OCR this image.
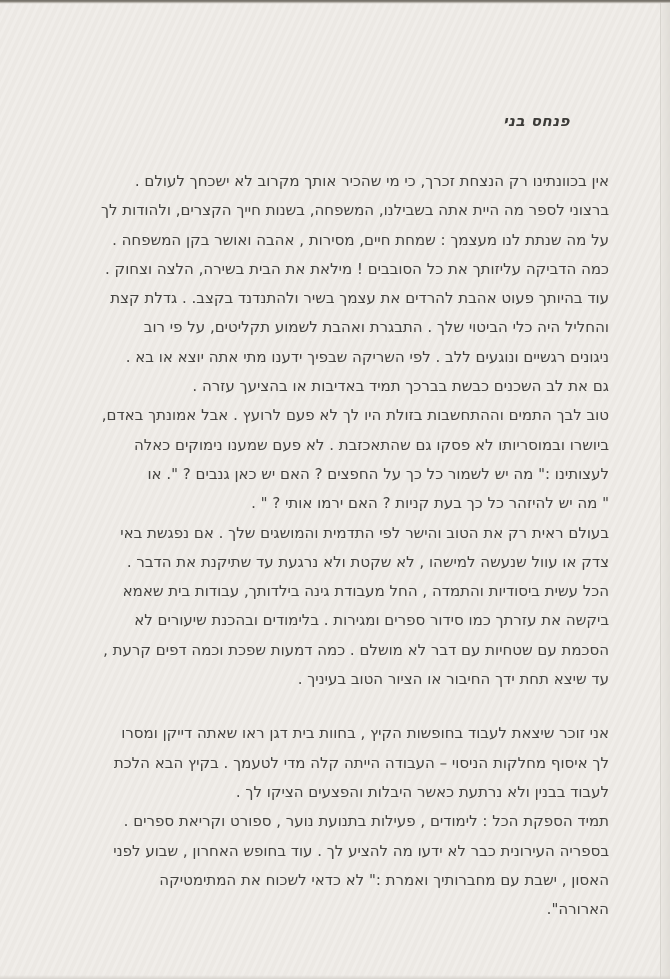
פנחס בני
אין בכוונתינו רק הנצחת זכרך, כי מי שהכיר אותך מקרוב לא ישכחך לעולם .
ברצוני לספר מה היית אתה בשבילנו, המשפחה, בשנות חייך הקצרים, ולהודות לך
על מה שנתת לנו מעצמך : שמחת חיים, מסירות , אהבה ואושר בקן המשפחה .
כמה הדביקה עליזותך את כל הסובבים ! מילאת את הבית בשירה, הלצה וצחוק .
עוד בהיותך פעוט אהבת להרדים את עצמך בשיר ולהתנדנד בקצב. . גדלת קצת
והחליל היה כלי הביטוי שלך . התבגרת ואהבת לשמוע תקליטים, על פי רוב
ניגונים רגשיים ונוגעים ללב . לפי השריקה שבפיך ידענו מתי אתה יוצא או בא .
גם את לב השכנים כבשת בברכך תמיד באדיבות או בהציעך עזרה .
טוב לבך התמים וההתחשבות בזולת היו לך לא פעם לרועץ . אבל אמונתך באדם,
ביושרו ובמוסריותו לא פסקו גם שהתאכזבת . לא פעם שמענו נימוקים כאלה
לעצותינו :" מה יש לשמור כל כך על החפצים ? האם יש כאן גנבים ? ". או
" מה יש להיזהר כל כך בעת קניות ? האם ירמו אותי ? " .
בעולם ראית רק את הטוב והישר לפי התדמית והמושגים שלך . אם נפגשת באי
צדק או עוול שנעשה למישהו , לא שקטת ולא נרגעת עד שתיקנת את הדבר .
הכל עשית ביסודיות והתמדה , החל מעבודת גינה בילדותך, עבודות בית שאמא
ביקשה את עזרתך כמו סידור ספרים ומגירות . בלימודים ובהכנת שיעורים לא
הסכמת עם שטחיות עם דבר לא מושלם . כמה דמעות שפכת וכמה דפים קרעת ,
עד שיצא תחת ידך החיבור או הציור הטוב בעיניך .
אני זוכר שיצאת לעבוד בחופשות הקיץ , בחוות בית דגן ראו שאתה דייקן ומסרו
לך איסוף מחלקות הניסוי – העבודה הייתה קלה מדי לטעמך . בקיץ הבא הלכת
לעבוד בבנין ולא נרתעת כאשר היבלות והפצעים הציקו לך .
תמיד הספקת הכל : לימודים , פעילות בתנועת נוער , ספורט וקריאת ספרים .
בספריה העירונית כבר לא ידעו מה להציע לך . עוד בחופש האחרון , שבוע לפני
האסון , ישבת עם מחברותיך ואמרת :" לא כדאי לשכוח את המתימטיקה
הארורה".
